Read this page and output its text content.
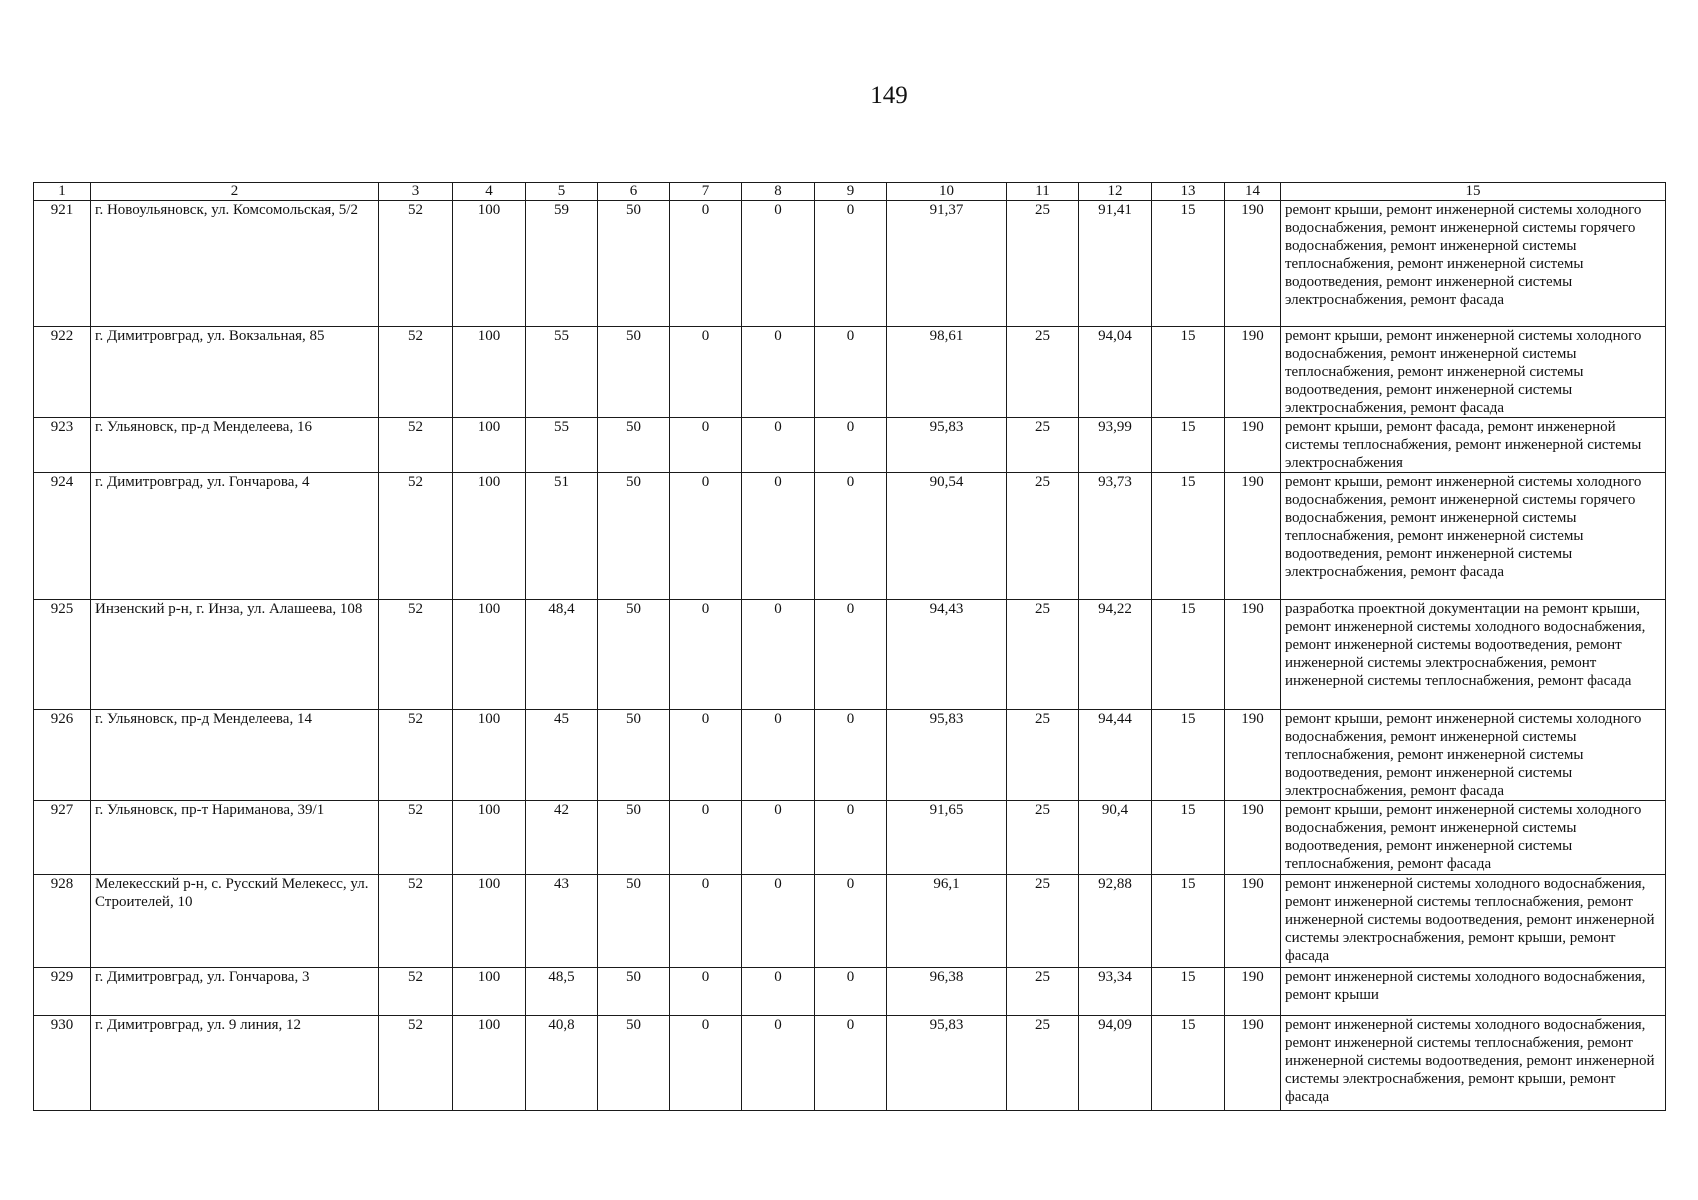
149
1	2	3	4	5	6	7	8	9	10	11	12	13	14	15
921	г. Новоульяновск, ул. Комсомольская, 5/2	52	100	59	50	0	0	0	91,37	25	91,41	15	190	ремонт крыши, ремонт инженерной системы холодного водоснабжения, ремонт инженерной системы горячего водоснабжения, ремонт инженерной системы теплоснабжения, ремонт инженерной системы водоотведения, ремонт инженерной системы электроснабжения, ремонт фасада
922	г. Димитровград, ул. Вокзальная, 85	52	100	55	50	0	0	0	98,61	25	94,04	15	190	ремонт крыши, ремонт инженерной системы холодного водоснабжения, ремонт инженерной системы теплоснабжения, ремонт инженерной системы водоотведения, ремонт инженерной системы электроснабжения, ремонт фасада
923	г. Ульяновск, пр-д Менделеева, 16	52	100	55	50	0	0	0	95,83	25	93,99	15	190	ремонт крыши, ремонт фасада, ремонт инженерной системы теплоснабжения, ремонт инженерной системы электроснабжения
924	г. Димитровград, ул. Гончарова, 4	52	100	51	50	0	0	0	90,54	25	93,73	15	190	ремонт крыши, ремонт инженерной системы холодного водоснабжения, ремонт инженерной системы горячего водоснабжения, ремонт инженерной системы теплоснабжения, ремонт инженерной системы водоотведения, ремонт инженерной системы электроснабжения, ремонт фасада
925	Инзенский р-н, г. Инза, ул. Алашеева, 108	52	100	48,4	50	0	0	0	94,43	25	94,22	15	190	разработка проектной документации на ремонт крыши, ремонт инженерной системы холодного водоснабжения, ремонт инженерной системы водоотведения, ремонт инженерной системы электроснабжения, ремонт инженерной системы теплоснабжения, ремонт фасада
926	г. Ульяновск, пр-д Менделеева, 14	52	100	45	50	0	0	0	95,83	25	94,44	15	190	ремонт крыши, ремонт инженерной системы холодного водоснабжения, ремонт инженерной системы теплоснабжения, ремонт инженерной системы водоотведения, ремонт инженерной системы электроснабжения, ремонт фасада
927	г. Ульяновск, пр-т Нариманова, 39/1	52	100	42	50	0	0	0	91,65	25	90,4	15	190	ремонт крыши, ремонт инженерной системы холодного водоснабжения, ремонт инженерной системы водоотведения, ремонт инженерной системы теплоснабжения, ремонт фасада
928	Мелекесский р-н, с. Русский Мелекесс, ул. Строителей, 10	52	100	43	50	0	0	0	96,1	25	92,88	15	190	ремонт инженерной системы холодного водоснабжения, ремонт инженерной системы теплоснабжения, ремонт инженерной системы водоотведения, ремонт инженерной системы электроснабжения, ремонт крыши, ремонт фасада
929	г. Димитровград, ул. Гончарова, 3	52	100	48,5	50	0	0	0	96,38	25	93,34	15	190	ремонт инженерной системы холодного водоснабжения, ремонт крыши
930	г. Димитровград, ул. 9 линия, 12	52	100	40,8	50	0	0	0	95,83	25	94,09	15	190	ремонт инженерной системы холодного водоснабжения, ремонт инженерной системы теплоснабжения, ремонт инженерной системы водоотведения, ремонт инженерной системы электроснабжения, ремонт крыши, ремонт фасада
